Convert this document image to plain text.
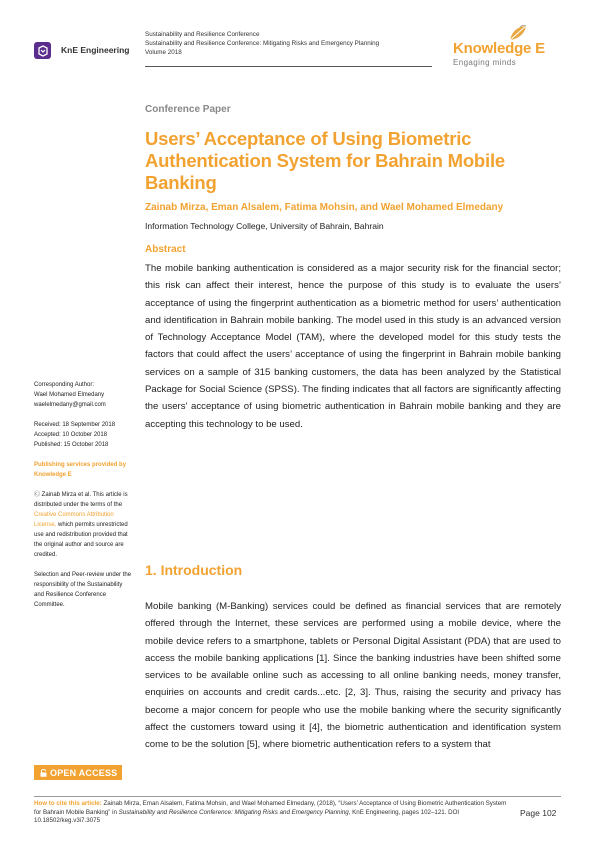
KnE Engineering
Sustainability and Resilience Conference
Sustainability and Resilience Conference: Mitigating Risks and Emergency Planning
Volume 2018	Knowledge E
Engaging minds
Conference Paper
Users’ Acceptance of Using Biometric Authentication System for Bahrain Mobile Banking
Zainab Mirza, Eman Alsalem, Fatima Mohsin, and Wael Mohamed Elmedany
Information Technology College, University of Bahrain, Bahrain
Abstract

The mobile banking authentication is considered as a major security risk for the financial sector; this risk can affect their interest, hence the purpose of this study is to evaluate the users’ acceptance of using the fingerprint authentication as a biometric method for users’ authentication and identification in Bahrain mobile banking. The model used in this study is an advanced version of Technology Acceptance Model (TAM), where the developed model for this study tests the factors that could affect the users’ acceptance of using the fingerprint in Bahrain mobile banking services on a sample of 315 banking customers, the data has been analyzed by the Statistical Package for Social Science (SPSS). The finding indicates that all factors are significantly affecting the users’ acceptance of using biometric authentication in Bahrain mobile banking and they are accepting this technology to be used.

1. Introduction

Mobile banking (M-Banking) services could be defined as financial services that are remotely offered through the Internet, these services are performed using a mobile device, where the mobile device refers to a smartphone, tablets or Personal Digital Assistant (PDA) that are used to access the mobile banking applications [1]. Since the banking industries have been shifted some services to be available online such as accessing to all online banking needs, money transfer, enquiries on accounts and credit cards...etc. [2, 3]. Thus, raising the security and privacy has become a major concern for people who use the mobile banking where the security significantly affect the customers toward using it [4], the biometric authentication and identification system come to be the solution [5], where biometric authentication refers to a system that

Corresponding Author:
Wael Mohamed Elmedany
waelelmedany@gmail.com
Received: 18 September 2018
Accepted: 10 October 2018
Published: 15 October 2018
Publishing services provided by Knowledge E
Ⓒ Zainab Mirza et al. This article is distributed under the terms of the Creative Commons Attribution License, which permits unrestricted use and redistribution provided that the original author and source are credited.
Selection and Peer-review under the responsibility of the Sustainability and Resilience Conference Committee.
OPEN ACCESS
How to cite this article: Zainab Mirza, Eman Alsalem, Fatima Mohsin, and Wael Mohamed Elmedany, (2018), “Users’ Acceptance of Using Biometric Authentication System for Bahrain Mobile Banking” in Sustainability and Resilience Conference: Mitigating Risks and Emergency Planning, KnE Engineering, pages 102–121. DOI 10.18502/keg.v3i7.3075
Page 102
